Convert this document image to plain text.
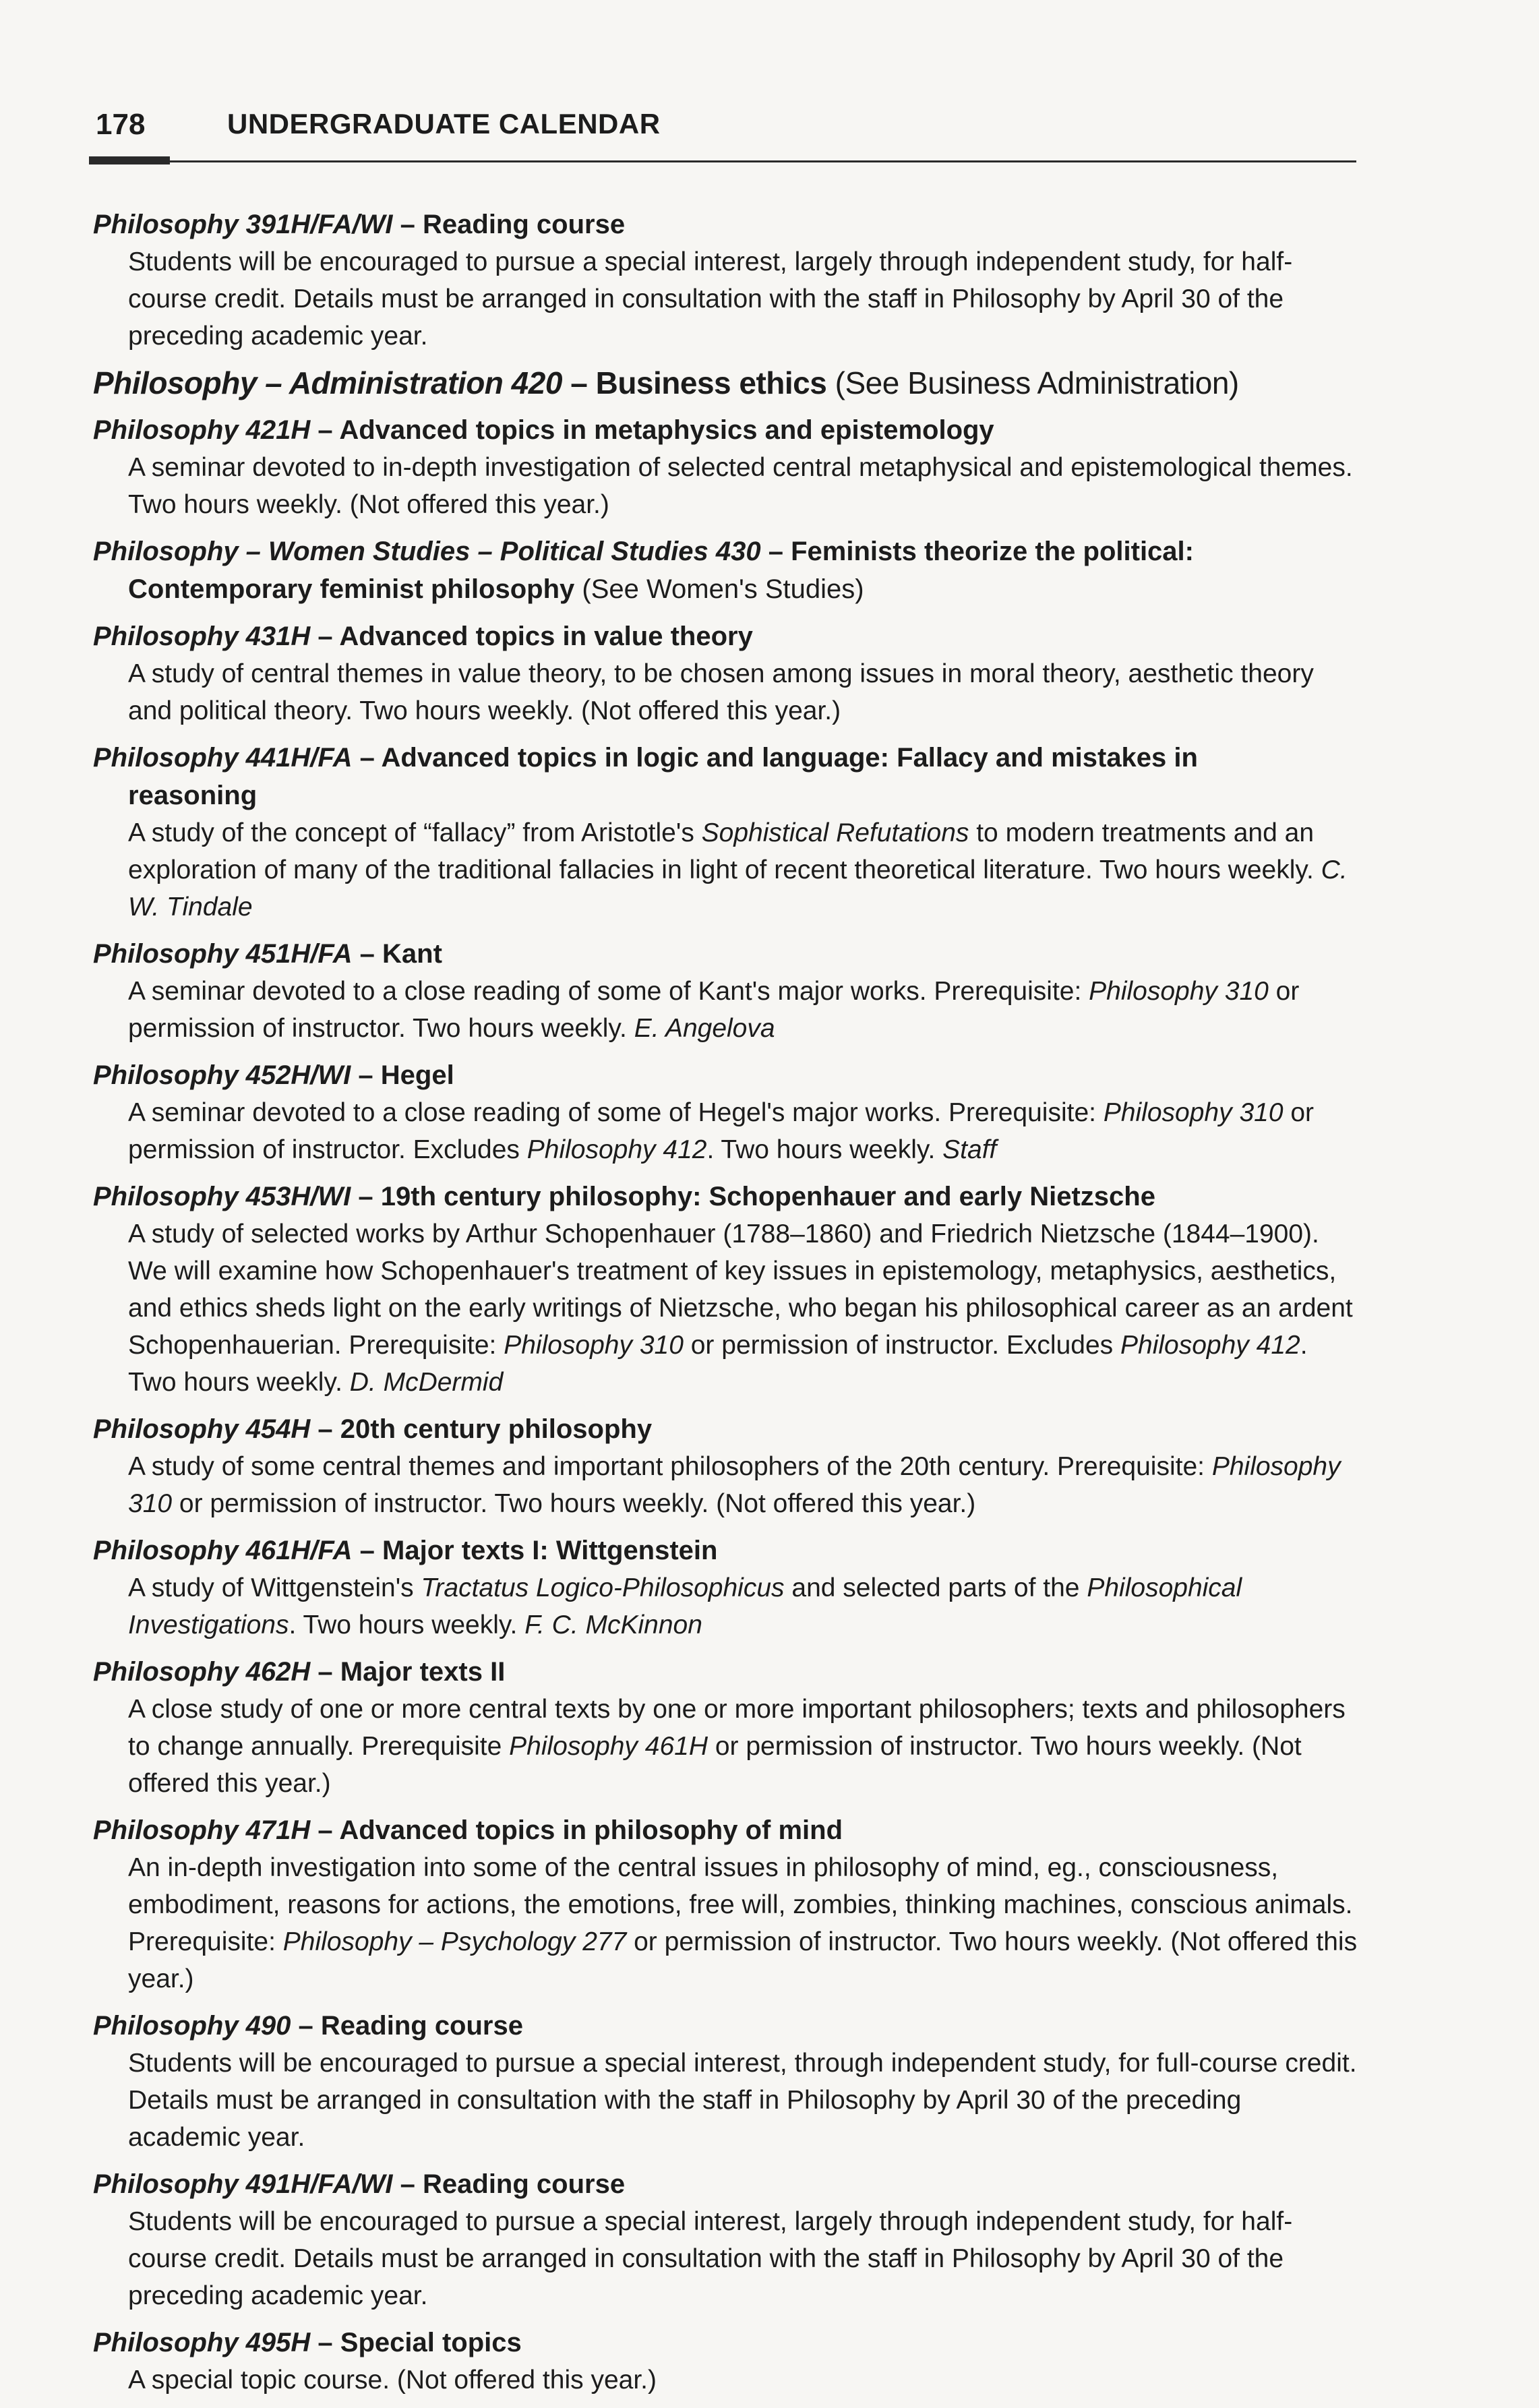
178	UNDERGRADUATE CALENDAR
Philosophy 391H/FA/WI – Reading course
Students will be encouraged to pursue a special interest, largely through independent study, for half-course credit. Details must be arranged in consultation with the staff in Philosophy by April 30 of the preceding academic year.
Philosophy – Administration 420 – Business ethics (See Business Administration)
Philosophy 421H – Advanced topics in metaphysics and epistemology
A seminar devoted to in-depth investigation of selected central metaphysical and epistemological themes. Two hours weekly. (Not offered this year.)
Philosophy – Women Studies – Political Studies 430 – Feminists theorize the political:
Contemporary feminist philosophy (See Women's Studies)
Philosophy 431H – Advanced topics in value theory
A study of central themes in value theory, to be chosen among issues in moral theory, aesthetic theory and political theory. Two hours weekly. (Not offered this year.)
Philosophy 441H/FA – Advanced topics in logic and language: Fallacy and mistakes in
reasoning
A study of the concept of “fallacy” from Aristotle's Sophistical Refutations to modern treatments and an exploration of many of the traditional fallacies in light of recent theoretical literature. Two hours weekly. C. W. Tindale
Philosophy 451H/FA – Kant
A seminar devoted to a close reading of some of Kant's major works. Prerequisite: Philosophy 310 or permission of instructor. Two hours weekly. E. Angelova
Philosophy 452H/WI – Hegel
A seminar devoted to a close reading of some of Hegel's major works. Prerequisite: Philosophy 310 or permission of instructor. Excludes Philosophy 412. Two hours weekly. Staff
Philosophy 453H/WI – 19th century philosophy: Schopenhauer and early Nietzsche
A study of selected works by Arthur Schopenhauer (1788–1860) and Friedrich Nietzsche (1844–1900). We will examine how Schopenhauer's treatment of key issues in epistemology, metaphysics, aesthetics, and ethics sheds light on the early writings of Nietzsche, who began his philosophical career as an ardent Schopenhauerian. Prerequisite: Philosophy 310 or permission of instructor. Excludes Philosophy 412. Two hours weekly. D. McDermid
Philosophy 454H – 20th century philosophy
A study of some central themes and important philosophers of the 20th century. Prerequisite: Philosophy 310 or permission of instructor. Two hours weekly. (Not offered this year.)
Philosophy 461H/FA – Major texts I: Wittgenstein
A study of Wittgenstein's Tractatus Logico-Philosophicus and selected parts of the Philosophical Investigations. Two hours weekly. F. C. McKinnon
Philosophy 462H – Major texts II
A close study of one or more central texts by one or more important philosophers; texts and philosophers to change annually. Prerequisite Philosophy 461H or permission of instructor. Two hours weekly. (Not offered this year.)
Philosophy 471H – Advanced topics in philosophy of mind
An in-depth investigation into some of the central issues in philosophy of mind, eg., consciousness, embodiment, reasons for actions, the emotions, free will, zombies, thinking machines, conscious animals. Prerequisite: Philosophy – Psychology 277 or permission of instructor. Two hours weekly. (Not offered this year.)
Philosophy 490 – Reading course
Students will be encouraged to pursue a special interest, through independent study, for full-course credit. Details must be arranged in consultation with the staff in Philosophy by April 30 of the preceding academic year.
Philosophy 491H/FA/WI – Reading course
Students will be encouraged to pursue a special interest, largely through independent study, for half-course credit. Details must be arranged in consultation with the staff in Philosophy by April 30 of the preceding academic year.
Philosophy 495H – Special topics
A special topic course. (Not offered this year.)
